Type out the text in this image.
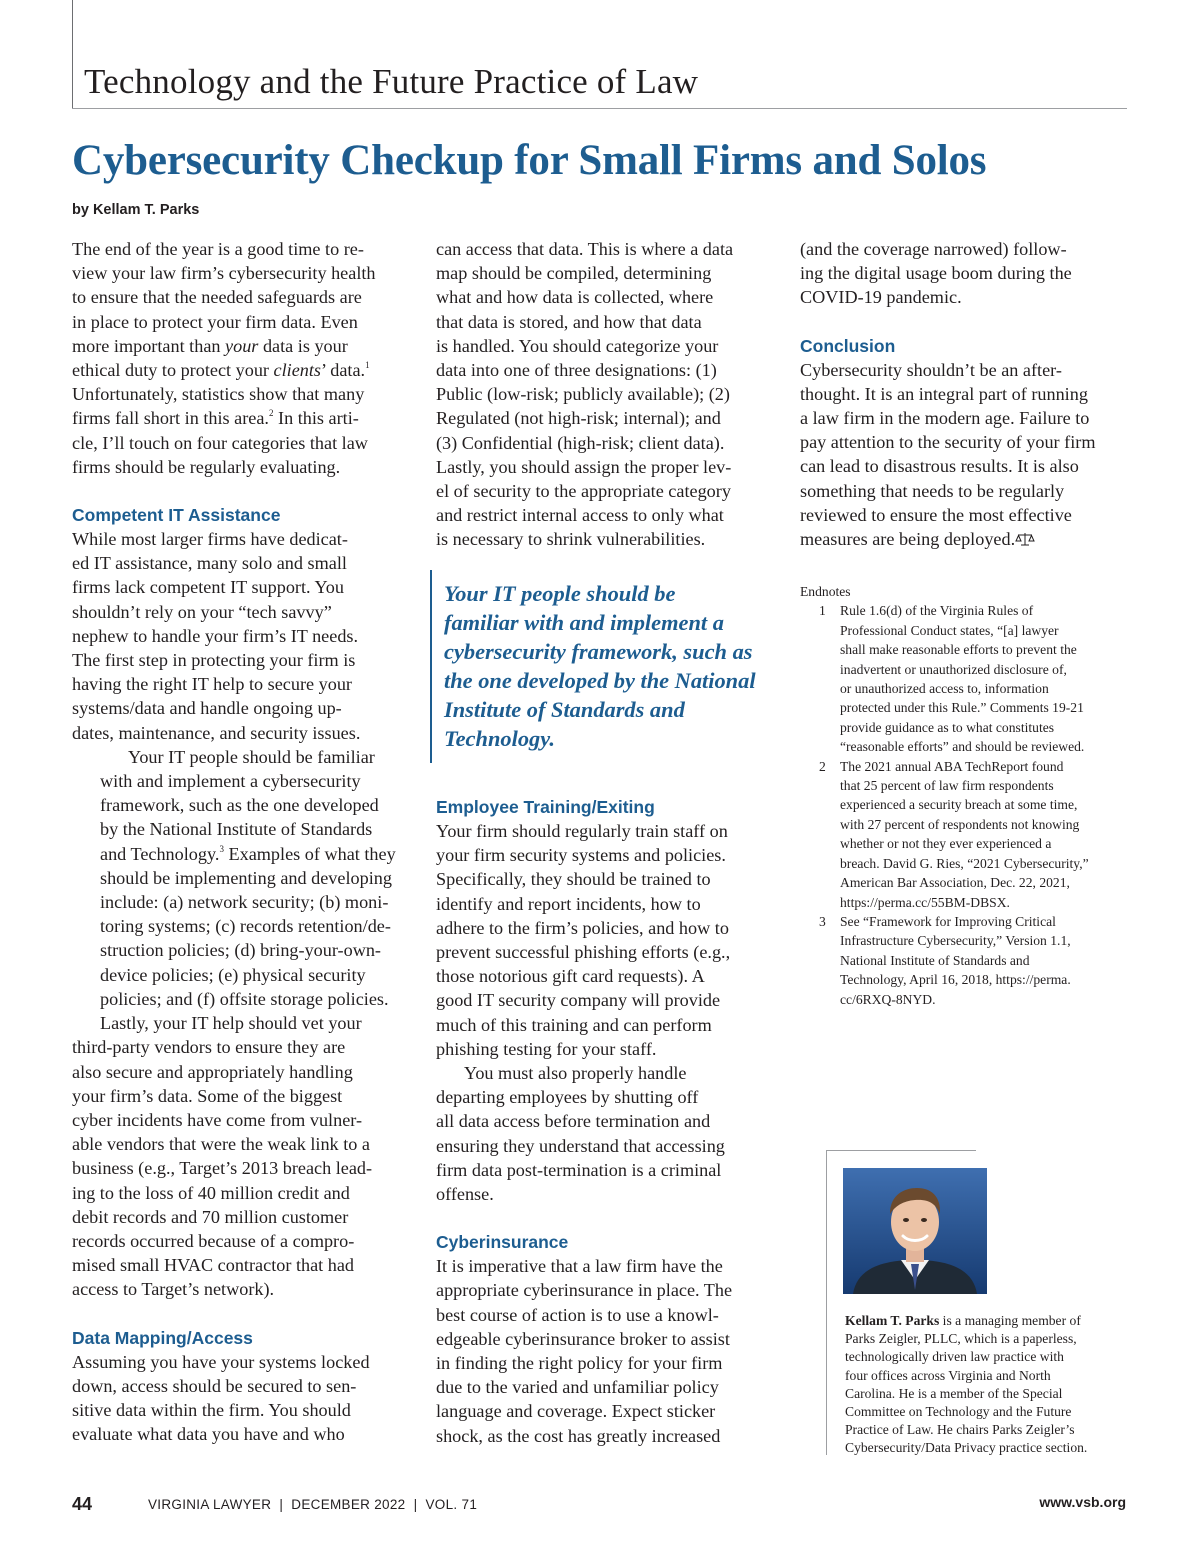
Technology and the Future Practice of Law
Cybersecurity Checkup for Small Firms and Solos
by Kellam T. Parks

The end of the year is a good time to re-
view your law firm’s cybersecurity health
to ensure that the needed safeguards are
in place to protect your firm data. Even
more important than your data is your
ethical duty to protect your clients’ data.$^1$
Unfortunately, statistics show that many
firms fall short in this area.$^2$ In this arti-
cle, I’ll touch on four categories that law
firms should be regularly evaluating.

Competent IT Assistance

While most larger firms have dedicat-
ed IT assistance, many solo and small
firms lack competent IT support. You
shouldn’t rely on your “tech savvy”
nephew to handle your firm’s IT needs.
The first step in protecting your firm is
having the right IT help to secure your
systems/data and handle ongoing up-
dates, maintenance, and security issues.

Your IT people should be familiar
with and implement a cybersecurity
framework, such as the one developed
by the National Institute of Standards
and Technology.$^3$ Examples of what they
should be implementing and developing
include: (a) network security; (b) moni-
toring systems; (c) records retention/de-
struction policies; (d) bring-your-own-
device policies; (e) physical security
policies; and (f) offsite storage policies.

Lastly, your IT help should vet your
third-party vendors to ensure they are
also secure and appropriately handling
your firm’s data. Some of the biggest
cyber incidents have come from vulner-
able vendors that were the weak link to a
business (e.g., Target’s 2013 breach lead-
ing to the loss of 40 million credit and
debit records and 70 million customer
records occurred because of a compro-
mised small HVAC contractor that had
access to Target’s network).

Data Mapping/Access

Assuming you have your systems locked
down, access should be secured to sen-
sitive data within the firm. You should
evaluate what data you have and who

can access that data. This is where a data
map should be compiled, determining
what and how data is collected, where
that data is stored, and how that data
is handled. You should categorize your
data into one of three designations: (1)
Public (low-risk; publicly available); (2)
Regulated (not high-risk; internal); and
(3) Confidential (high-risk; client data).
Lastly, you should assign the proper lev-
el of security to the appropriate category
and restrict internal access to only what
is necessary to shrink vulnerabilities.

Your IT people should be
familiar with and implement a
cybersecurity framework, such as
the one developed by the National
Institute of Standards and
Technology.
Employee Training/Exiting

Your firm should regularly train staff on
your firm security systems and policies.
Specifically, they should be trained to
identify and report incidents, how to
adhere to the firm’s policies, and how to
prevent successful phishing efforts (e.g.,
those notorious gift card requests). A
good IT security company will provide
much of this training and can perform
phishing testing for your staff.

You must also properly handle
departing employees by shutting off
all data access before termination and
ensuring they understand that accessing
firm data post-termination is a criminal
offense.

Cyberinsurance

It is imperative that a law firm have the
appropriate cyberinsurance in place. The
best course of action is to use a knowl-
edgeable cyberinsurance broker to assist
in finding the right policy for your firm
due to the varied and unfamiliar policy
language and coverage. Expect sticker
shock, as the cost has greatly increased

(and the coverage narrowed) follow-
ing the digital usage boom during the
COVID-19 pandemic.

Conclusion

Cybersecurity shouldn’t be an after-
thought. It is an integral part of running
a law firm in the modern age. Failure to
pay attention to the security of your firm
can lead to disastrous results. It is also
something that needs to be regularly
reviewed to ensure the most effective
measures are being deployed.

Endnotes
1 Rule 1.6(d) of the Virginia Rules of
Professional Conduct states, “[a] lawyer
shall make reasonable efforts to prevent the
inadvertent or unauthorized disclosure of,
or unauthorized access to, information
protected under this Rule.” Comments 19-21
provide guidance as to what constitutes
“reasonable efforts” and should be reviewed.
2 The 2021 annual ABA TechReport found
that 25 percent of law firm respondents
experienced a security breach at some time,
with 27 percent of respondents not knowing
whether or not they ever experienced a
breach. David G. Ries, “2021 Cybersecurity,”
American Bar Association, Dec. 22, 2021,
https://perma.cc/55BM-DBSX.
3 See “Framework for Improving Critical
Infrastructure Cybersecurity,” Version 1.1,
National Institute of Standards and
Technology, April 16, 2018, https://perma.
cc/6RXQ-8NYD.
Kellam T. Parks is a managing member of
Parks Zeigler, PLLC, which is a paperless,
technologically driven law practice with
four offices across Virginia and North
Carolina. He is a member of the Special
Committee on Technology and the Future
Practice of Law. He chairs Parks Zeigler’s
Cybersecurity/Data Privacy practice section.
44	VIRGINIA LAWYER  |  DECEMBER 2022  |  VOL. 71	www.vsb.org
